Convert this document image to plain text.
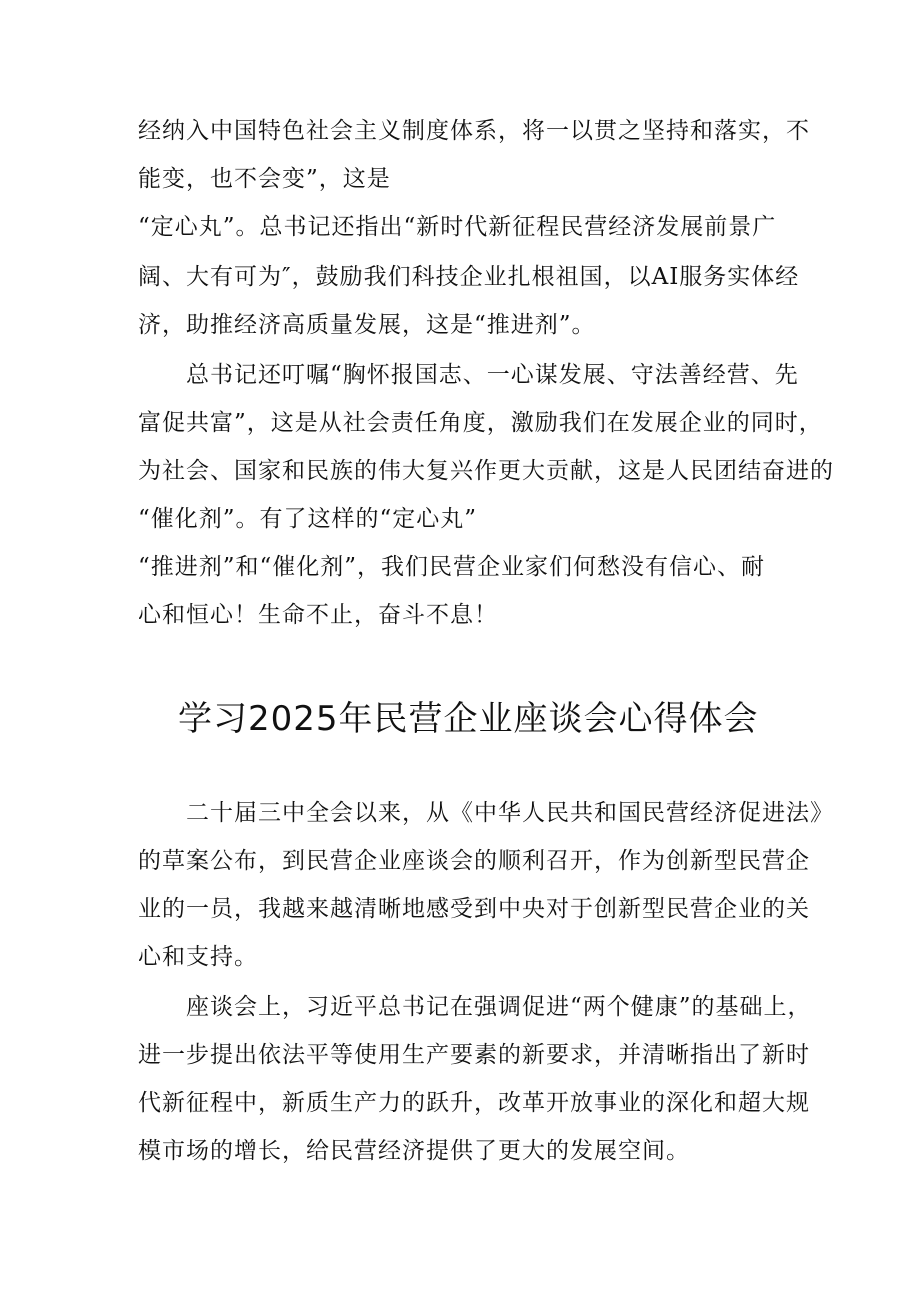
经纳入中国特色社会主义制度体系，将一以贯之坚持和落实，不
能变，也不会变”，这是
“定心丸”。总书记还指出“新时代新征程民营经济发展前景广
阔、大有可为″，鼓励我们科技企业扎根祖国，以AI服务实体经
济，助推经济高质量发展，这是“推进剂”。
总书记还叮嘱“胸怀报国志、一心谋发展、守法善经营、先
富促共富”，这是从社会责任角度，激励我们在发展企业的同时，
为社会、国家和民族的伟大复兴作更大贡献，这是人民团结奋进的
“催化剂”。有了这样的“定心丸”
“推进剂”和“催化剂”，我们民营企业家们何愁没有信心、耐
心和恒心！生命不止，奋斗不息！
学习2025年民营企业座谈会心得体会
二十届三中全会以来，从《中华人民共和国民营经济促进法》
的草案公布，到民营企业座谈会的顺利召开，作为创新型民营企
业的一员，我越来越清晰地感受到中央对于创新型民营企业的关
心和支持。
座谈会上，习近平总书记在强调促进“两个健康”的基础上，
进一步提出依法平等使用生产要素的新要求，并清晰指出了新时
代新征程中，新质生产力的跃升，改革开放事业的深化和超大规
模市场的增长，给民营经济提供了更大的发展空间。
